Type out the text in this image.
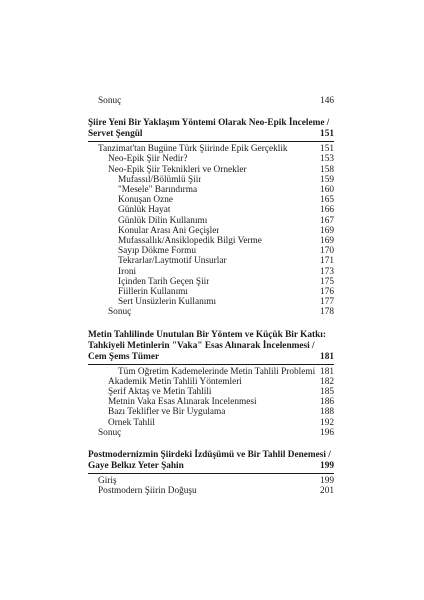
Sonuç	146
Şiire Yeni Bir Yaklaşım Yöntemi Olarak Neo-Epik İnceleme /
Servet Şengül	151
Tanzimat'tan Bugüne Türk Şiirinde Epik Gerçeklik	151
Neo-Epik Şiir Nedir?	153
Neo-Epik Şiir Teknikleri ve Örnekler	158
Mufassıl/Bölümlü Şiir	159
"Mesele" Barındırma	160
Konuşan Özne	165
Günlük Hayat	166
Günlük Dilin Kullanımı	167
Konular Arası Ani Geçişler	169
Mufassallık/Ansiklopedik Bilgi Verme	169
Sayıp Dökme Formu	170
Tekrarlar/Laytmotif Unsurlar	171
İroni	173
İçinden Tarih Geçen Şiir	175
Fiillerin Kullanımı	176
Sert Ünsüzlerin Kullanımı	177
Sonuç	178
Metin Tahlilinde Unutulan Bir Yöntem ve Küçük Bir Katkı:
Tahkiyeli Metinlerin "Vaka" Esas Alınarak İncelenmesi /
Cem Şems Tümer	181
Tüm Öğretim Kademelerinde Metin Tahlili Problemi 181
Akademik Metin Tahlili Yöntemleri	182
Şerif Aktaş ve Metin Tahlili	185
Metnin Vaka Esas Alınarak İncelenmesi	186
Bazı Teklifler ve Bir Uygulama	188
Örnek Tahlil	192
Sonuç	196
Postmodernizmin Şiirdeki İzdüşümü ve Bir Tahlil Denemesi /
Gaye Belkız Yeter Şahin	199
Giriş	199
Postmodern Şiirin Doğuşu	201
